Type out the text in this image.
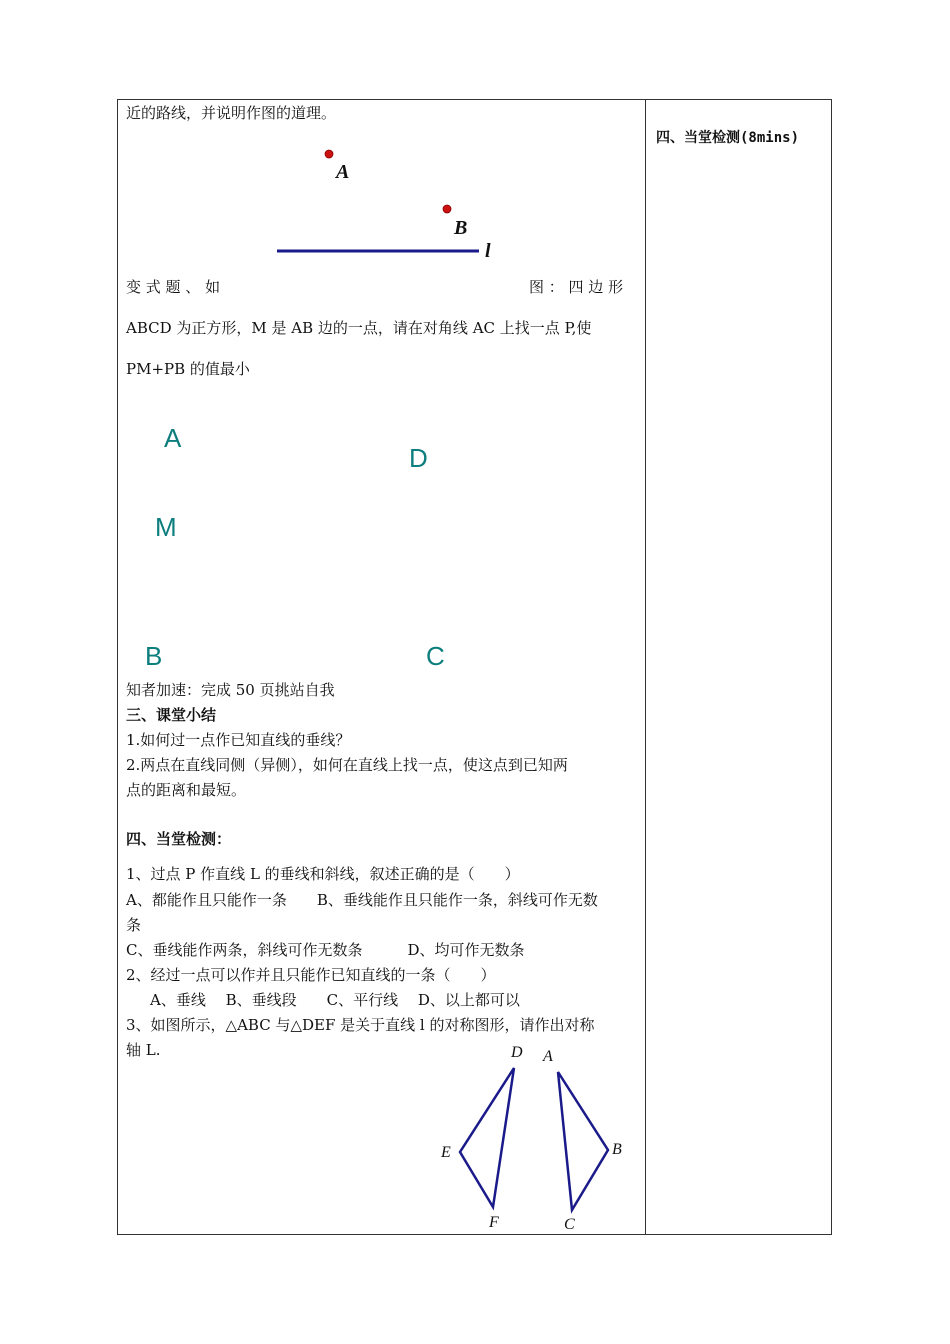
近的路线，并说明作图的道理。
A
B
l
变 式 题 、 如	图 ： 四 边 形
ABCD 为正方形，M 是 AB 边的一点，请在对角线 AC 上找一点 P,使
PM+PB 的值最小
A
D
M
B	C
知者加速：完成 50 页挑站自我
三、课堂小结
1.如何过一点作已知直线的垂线？
2.两点在直线同侧（异侧），如何在直线上找一点，使这点到已知两
点的距离和最短。
四、当堂检测：
1、过点 P 作直线 L 的垂线和斜线，叙述正确的是（　　）
A、都能作且只能作一条　　B、垂线能作且只能作一条，斜线可作无数
条
C、垂线能作两条，斜线可作无数条　　　D、均可作无数条
2、经过一点可以作并且只能作已知直线的一条（　　）
A、垂线　 B、垂线段　　C、平行线　 D、以上都可以
3、如图所示，△ABC 与△DEF 是关于直线 l 的对称图形，请作出对称
轴 L.	D
E
F
A
B
C
四、当堂检测(8mins)
